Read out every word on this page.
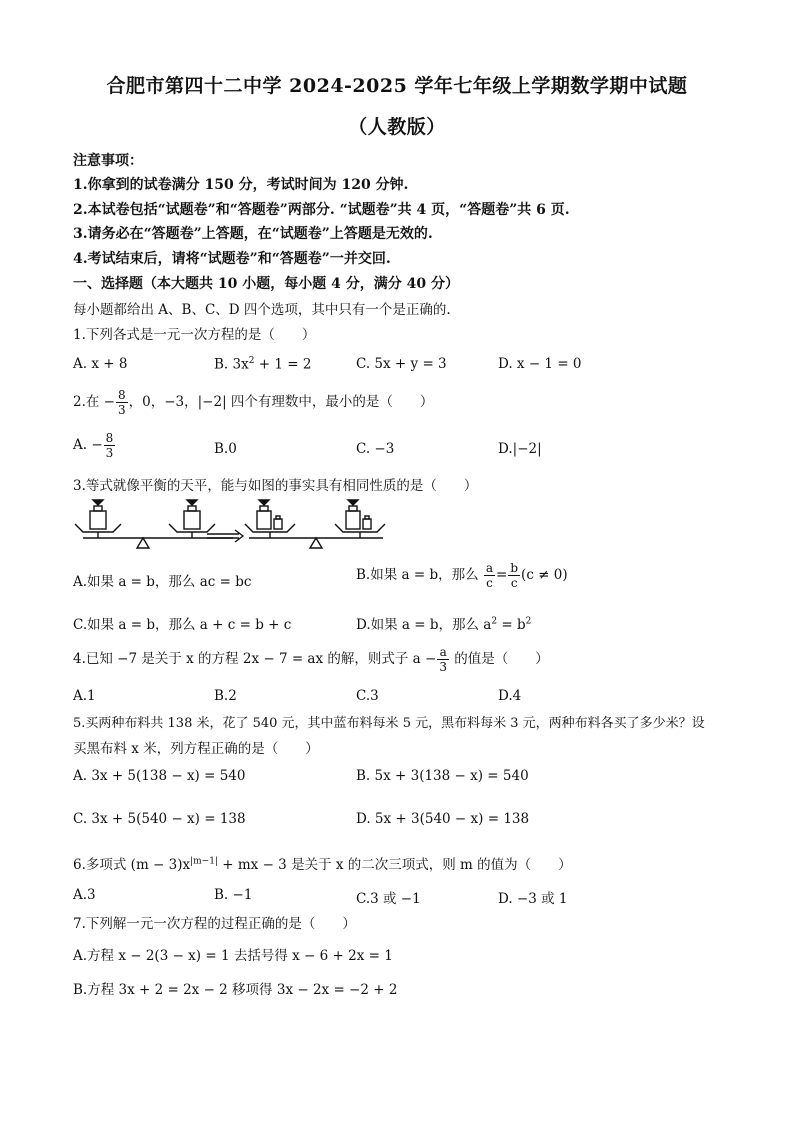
合肥市第四十二中学 2024-2025 学年七年级上学期数学期中试题
（人教版）
注意事项：
1.你拿到的试卷满分 150 分，考试时间为 120 分钟.
2.本试卷包括“试题卷”和“答题卷”两部分. “试题卷”共 4 页，“答题卷”共 6 页.
3.请务必在“答题卷”上答题，在“试题卷”上答题是无效的.
4.考试结束后，请将“试题卷”和“答题卷”一并交回.
一、选择题（本大题共 10 小题，每小题 4 分，满分 40 分）
每小题都给出 A、B、C、D 四个选项，其中只有一个是正确的.
1.下列各式是一元一次方程的是（　　）
A. x + 8	B. $3x^2 + 1 = 2$	C. 5x + y = 3	D. x − 1 = 0
2.在 − $\frac{8}{3}$ ，0，−3，|−2| 四个有理数中，最小的是（　　）
A. − $\frac{8}{3}$	B.0	C. −3	D.|−2|
3.等式就像平衡的天平，能与如图的事实具有相同性质的是（　　）
A.如果 a = b，那么 ac = bc	B.如果 a = b，那么 $\frac{a}{c} = \frac{b}{c} (c \ne 0)$
C.如果 a = b，那么 a + c = b + c	D.如果 a = b，那么 $a^2 = b^2$
4.已知 −7 是关于 x 的方程 2x − 7 = ax 的解，则式子 $a - \frac{a}{3}$ 的值是（　　）
A.1	B.2	C.3	D.4
5.买两种布料共 138 米，花了 540 元，其中蓝布料每米 5 元，黑布料每米 3 元，两种布料各买了多少米？设
买黑布料 x 米，列方程正确的是（　　）
A. 3x + 5(138 − x) = 540	B. 5x + 3(138 − x) = 540
C. 3x + 5(540 − x) = 138	D. 5x + 3(540 − x) = 138
6.多项式 $(m - 3)x^{|m-1|}$ + mx − 3 是关于 x 的二次三项式，则 m 的值为（　　）
A.3	B. −1	C.3 或 −1	D. −3 或 1
7.下列解一元一次方程的过程正确的是（　　）
A.方程 x − 2(3 − x) = 1 去括号得 x − 6 + 2x = 1
B.方程 3x + 2 = 2x − 2 移项得 3x − 2x = −2 + 2
